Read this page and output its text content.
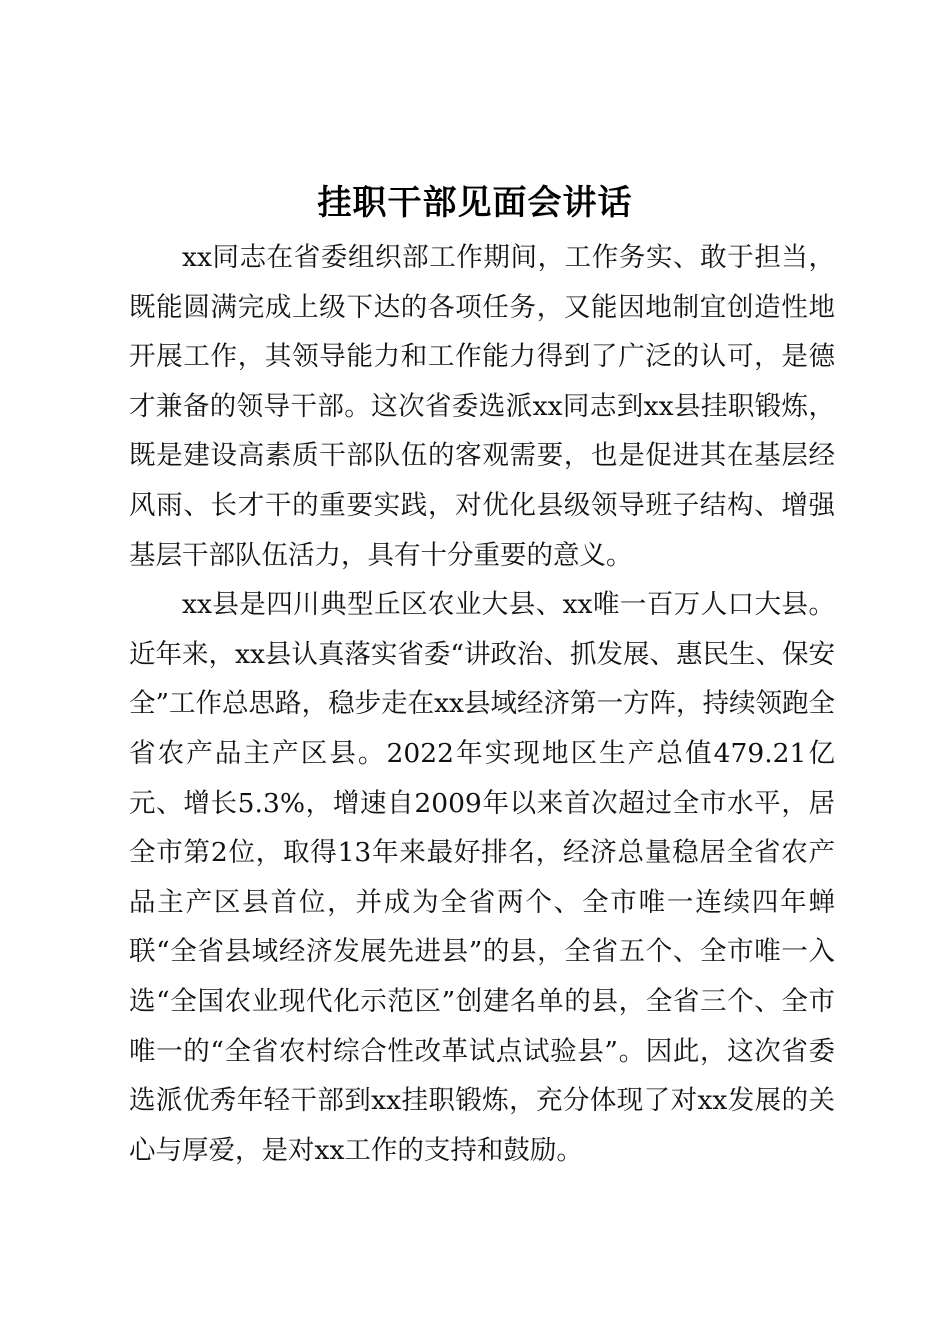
挂职干部见面会讲话

xx同志在省委组织部工作期间，工作务实、敢于担当，既能圆满完成上级下达的各项任务，又能因地制宜创造性地开展工作，其领导能力和工作能力得到了广泛的认可，是德才兼备的领导干部。这次省委选派xx同志到xx县挂职锻炼，既是建设高素质干部队伍的客观需要，也是促进其在基层经风雨、长才干的重要实践，对优化县级领导班子结构、增强基层干部队伍活力，具有十分重要的意义。

xx县是四川典型丘区农业大县、xx唯一百万人口大县。近年来，xx县认真落实省委“讲政治、抓发展、惠民生、保安全”工作总思路，稳步走在xx县域经济第一方阵，持续领跑全省农产品主产区县。2022年实现地区生产总值479.21亿元、增长5.3%，增速自2009年以来首次超过全市水平，居全市第2位，取得13年来最好排名，经济总量稳居全省农产品主产区县首位，并成为全省两个、全市唯一连续四年蝉联“全省县域经济发展先进县”的县，全省五个、全市唯一入选“全国农业现代化示范区”创建名单的县，全省三个、全市唯一的“全省农村综合性改革试点试验县”。因此，这次省委选派优秀年轻干部到xx挂职锻炼，充分体现了对xx发展的关心与厚爱，是对xx工作的支持和鼓励。
